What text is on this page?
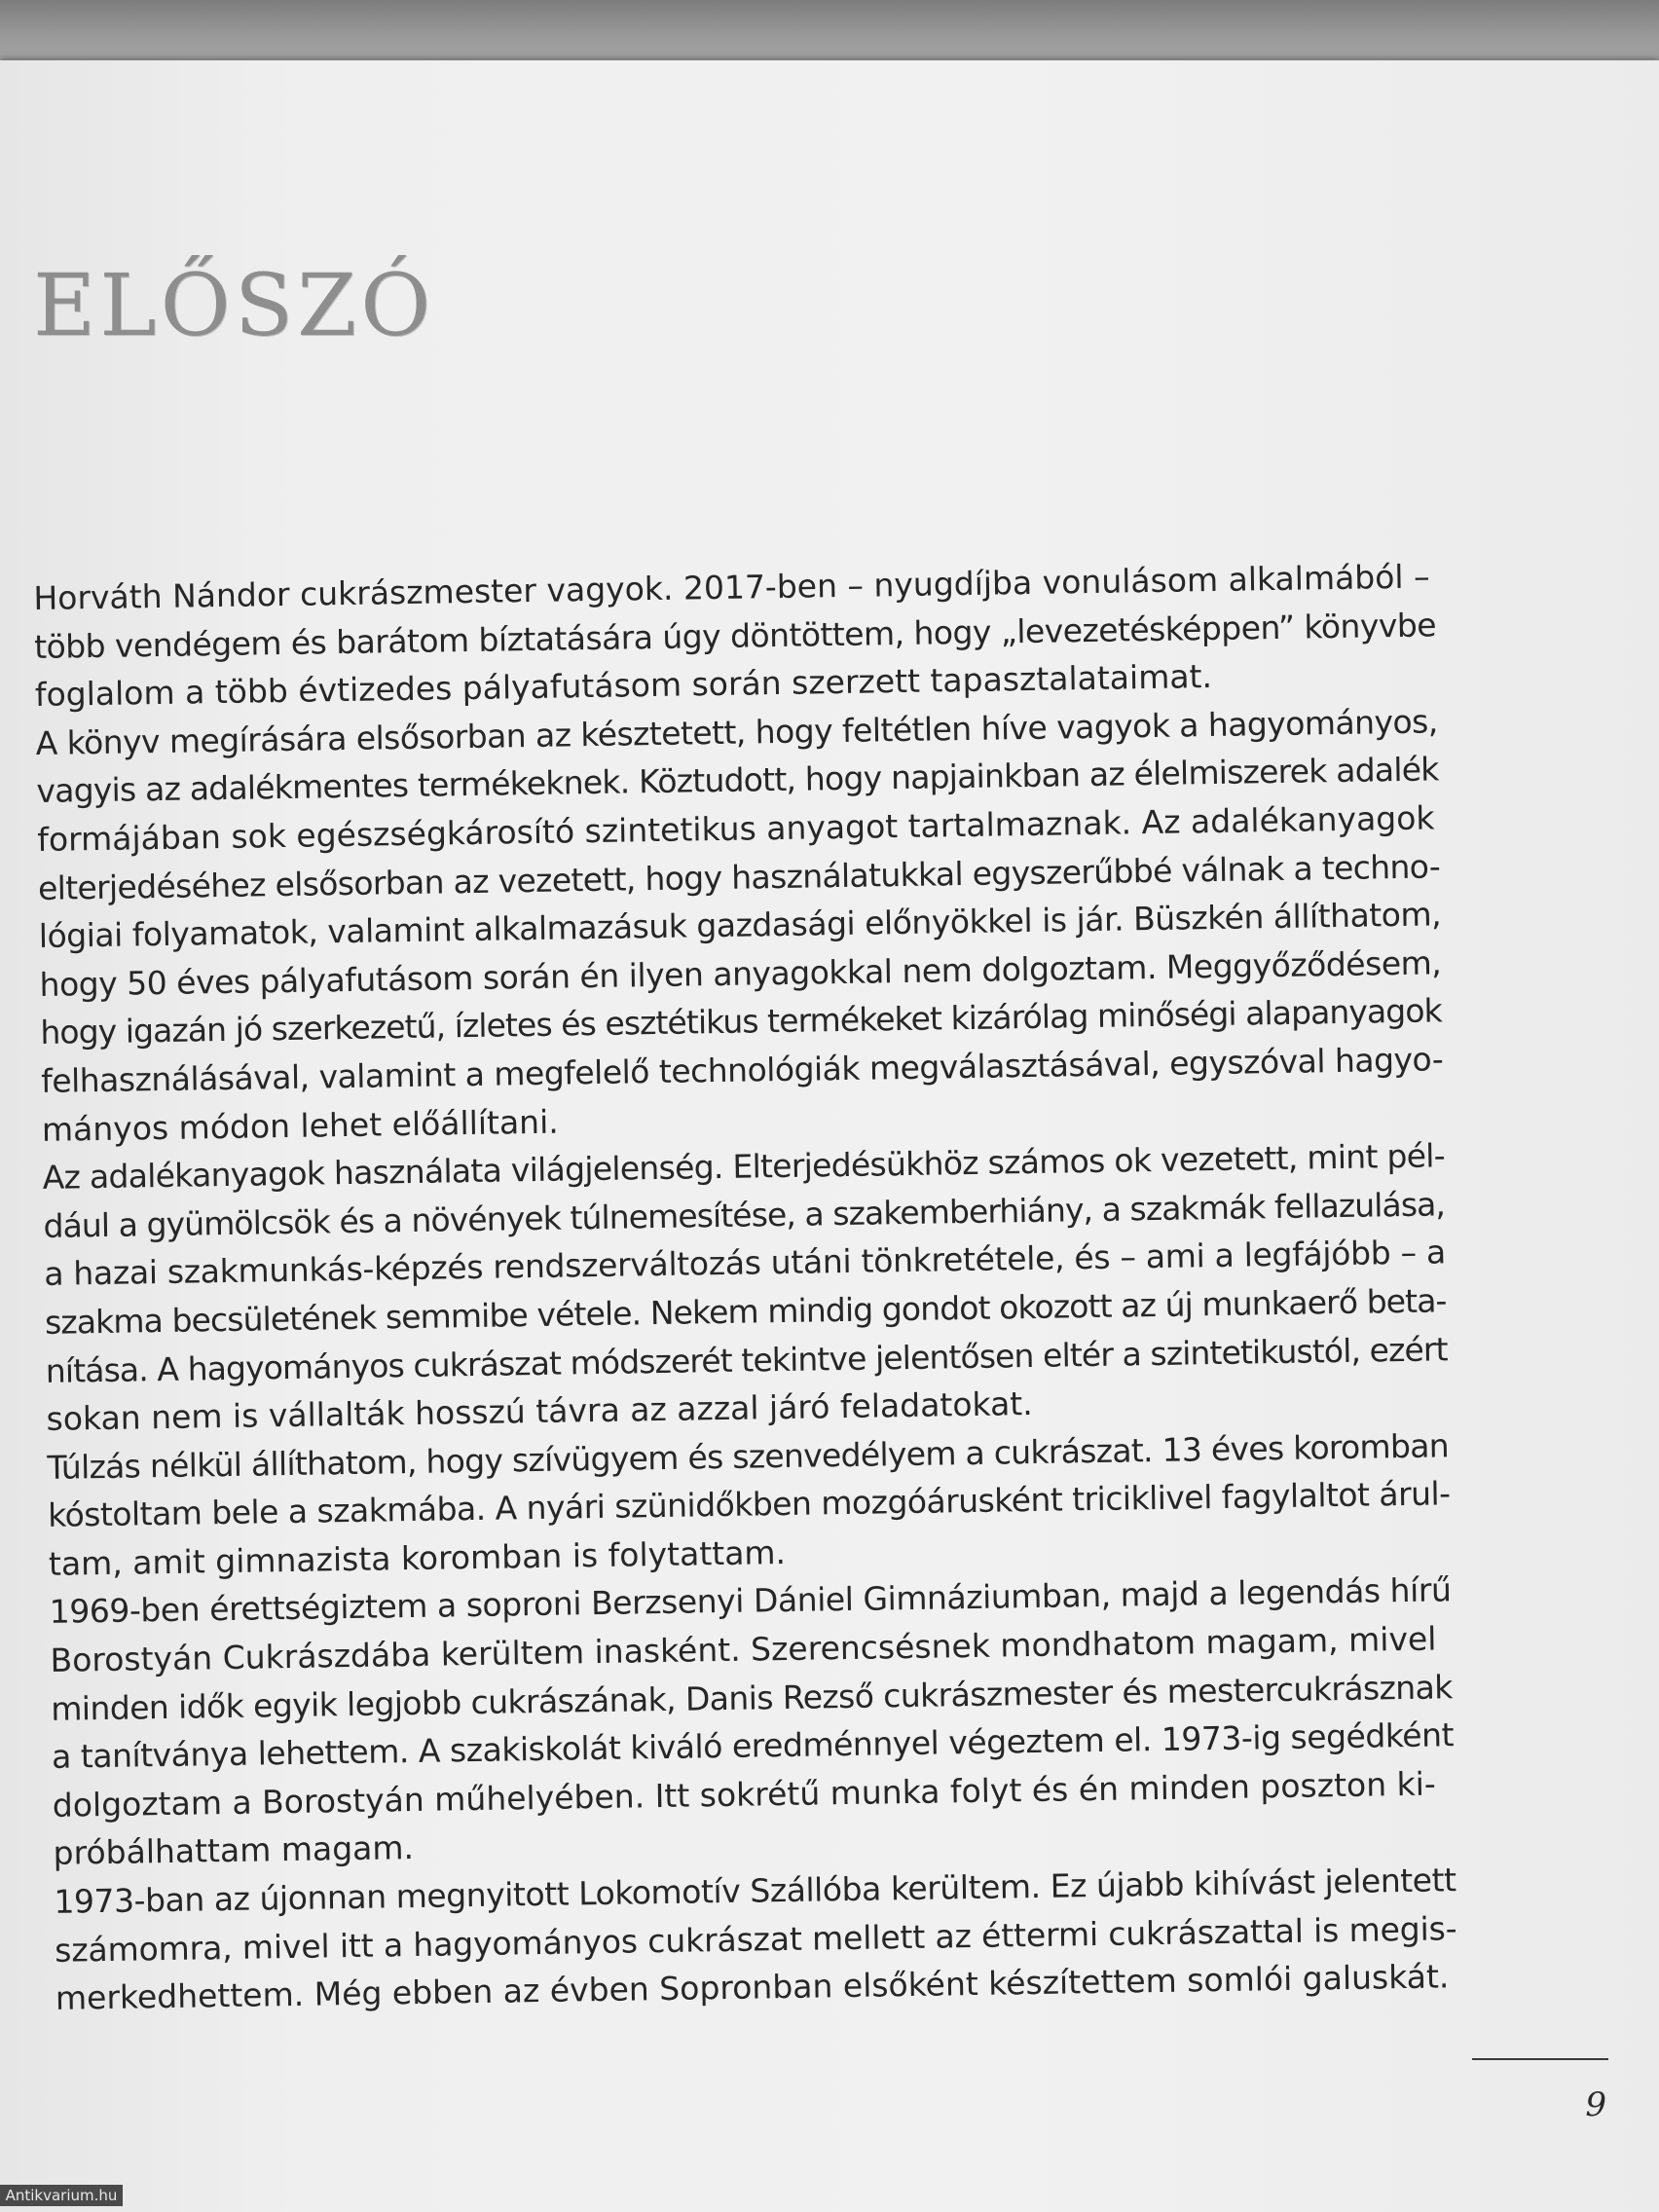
ELŐSZÓ
Horváth Nándor cukrászmester vagyok. 2017-ben – nyugdíjba vonulásom alkalmából –
több vendégem és barátom bíztatására úgy döntöttem, hogy „levezetésképpen” könyvbe
foglalom a több évtizedes pályafutásom során szerzett tapasztalataimat.
A könyv megírására elsősorban az késztetett, hogy feltétlen híve vagyok a hagyományos,
vagyis az adalékmentes termékeknek. Köztudott, hogy napjainkban az élelmiszerek adalék
formájában sok egészségkárosító szintetikus anyagot tartalmaznak. Az adalékanyagok
elterjedéséhez elsősorban az vezetett, hogy használatukkal egyszerűbbé válnak a techno-
lógiai folyamatok, valamint alkalmazásuk gazdasági előnyökkel is jár. Büszkén állíthatom,
hogy 50 éves pályafutásom során én ilyen anyagokkal nem dolgoztam. Meggyőződésem,
hogy igazán jó szerkezetű, ízletes és esztétikus termékeket kizárólag minőségi alapanyagok
felhasználásával, valamint a megfelelő technológiák megválasztásával, egyszóval hagyo-
mányos módon lehet előállítani.
Az adalékanyagok használata világjelenség. Elterjedésükhöz számos ok vezetett, mint pél-
dául a gyümölcsök és a növények túlnemesítése, a szakemberhiány, a szakmák fellazulása,
a hazai szakmunkás-képzés rendszerváltozás utáni tönkretétele, és – ami a legfájóbb – a
szakma becsületének semmibe vétele. Nekem mindig gondot okozott az új munkaerő beta-
nítása. A hagyományos cukrászat módszerét tekintve jelentősen eltér a szintetikustól, ezért
sokan nem is vállalták hosszú távra az azzal járó feladatokat.
Túlzás nélkül állíthatom, hogy szívügyem és szenvedélyem a cukrászat. 13 éves koromban
kóstoltam bele a szakmába. A nyári szünidőkben mozgóárusként triciklivel fagylaltot árul-
tam, amit gimnazista koromban is folytattam.
1969-ben érettségiztem a soproni Berzsenyi Dániel Gimnáziumban, majd a legendás hírű
Borostyán Cukrászdába kerültem inasként. Szerencsésnek mondhatom magam, mivel
minden idők egyik legjobb cukrászának, Danis Rezső cukrászmester és mestercukrásznak
a tanítványa lehettem. A szakiskolát kiváló eredménnyel végeztem el. 1973-ig segédként
dolgoztam a Borostyán műhelyében. Itt sokrétű munka folyt és én minden poszton ki-
próbálhattam magam.
1973-ban az újonnan megnyitott Lokomotív Szállóba kerültem. Ez újabb kihívást jelentett
számomra, mivel itt a hagyományos cukrászat mellett az éttermi cukrászattal is megis-
merkedhettem. Még ebben az évben Sopronban elsőként készítettem somlói galuskát.
9
Antikvarium.hu
